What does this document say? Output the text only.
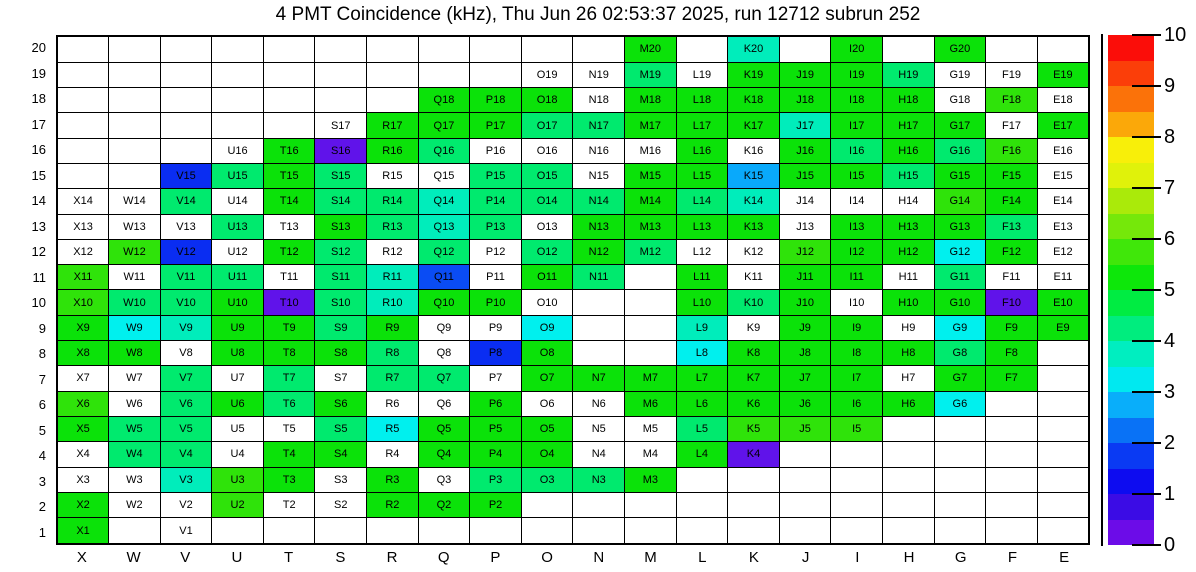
4 PMT Coincidence (kHz), Thu Jun 26 02:53:37 2025, run 12712 subrun 252
20
19
18
17
16
15
14
13
12
11
10
9
8
7
6
5
4
3
2
1
											M20		K20		I20		G20		
									O19	N19	M19	L19	K19	J19	I19	H19	G19	F19	E19
							Q18	P18	O18	N18	M18	L18	K18	J18	I18	H18	G18	F18	E18
					S17	R17	Q17	P17	O17	N17	M17	L17	K17	J17	I17	H17	G17	F17	E17
			U16	T16	S16	R16	Q16	P16	O16	N16	M16	L16	K16	J16	I16	H16	G16	F16	E16
		V15	U15	T15	S15	R15	Q15	P15	O15	N15	M15	L15	K15	J15	I15	H15	G15	F15	E15
X14	W14	V14	U14	T14	S14	R14	Q14	P14	O14	N14	M14	L14	K14	J14	I14	H14	G14	F14	E14
X13	W13	V13	U13	T13	S13	R13	Q13	P13	O13	N13	M13	L13	K13	J13	I13	H13	G13	F13	E13
X12	W12	V12	U12	T12	S12	R12	Q12	P12	O12	N12	M12	L12	K12	J12	I12	H12	G12	F12	E12
X11	W11	V11	U11	T11	S11	R11	Q11	P11	O11	N11		L11	K11	J11	I11	H11	G11	F11	E11
X10	W10	V10	U10	T10	S10	R10	Q10	P10	O10			L10	K10	J10	I10	H10	G10	F10	E10
X9	W9	V9	U9	T9	S9	R9	Q9	P9	O9			L9	K9	J9	I9	H9	G9	F9	E9
X8	W8	V8	U8	T8	S8	R8	Q8	P8	O8			L8	K8	J8	I8	H8	G8	F8	
X7	W7	V7	U7	T7	S7	R7	Q7	P7	O7	N7	M7	L7	K7	J7	I7	H7	G7	F7	
X6	W6	V6	U6	T6	S6	R6	Q6	P6	O6	N6	M6	L6	K6	J6	I6	H6	G6		
X5	W5	V5	U5	T5	S5	R5	Q5	P5	O5	N5	M5	L5	K5	J5	I5				
X4	W4	V4	U4	T4	S4	R4	Q4	P4	O4	N4	M4	L4	K4						
X3	W3	V3	U3	T3	S3	R3	Q3	P3	O3	N3	M3								
X2	W2	V2	U2	T2	S2	R2	Q2	P2											
X1		V1																	
X	W	V	U	T	S	R	Q	P	O	N	M	L	K	J	I	H	G	F	E
0
1
2
3
4
5
6
7
8
9
10
